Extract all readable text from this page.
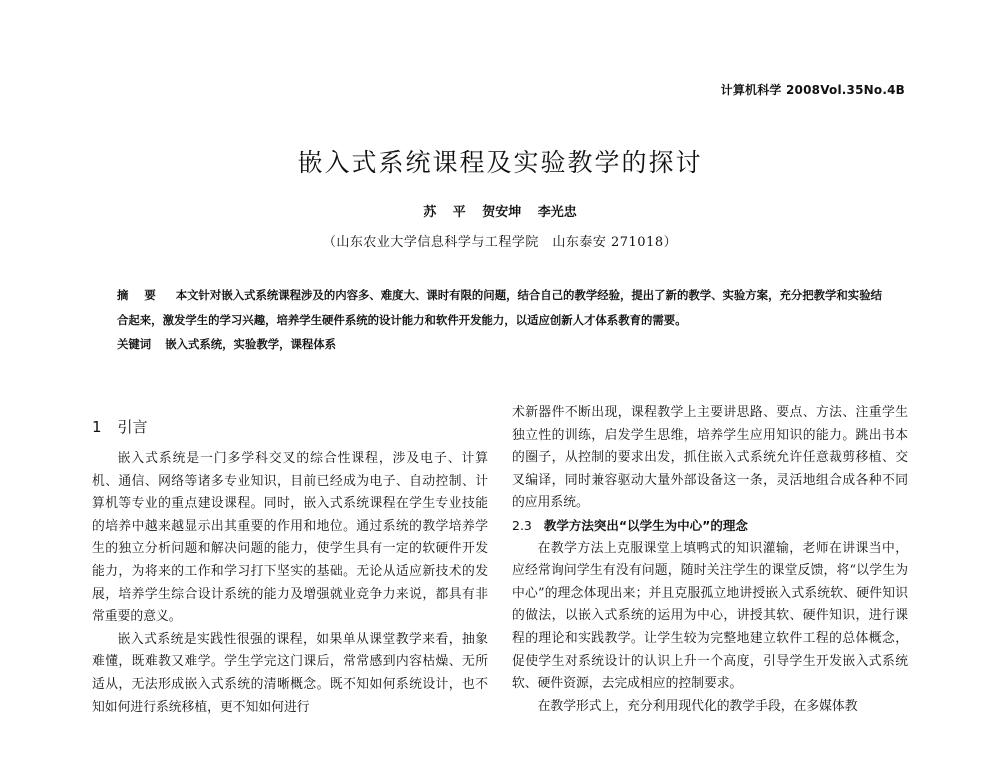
计算机科学 2008Vol.35No.4B
嵌入式系统课程及实验教学的探讨
苏 平 贺安坤 李光忠
（山东农业大学信息科学与工程学院　山东泰安 271018）

摘 要 本文针对嵌入式系统课程涉及的内容多、难度大、课时有限的问题，结合自己的教学经验，提出了新的教学、实验方案，充分把教学和实验结合起来，激发学生的学习兴趣，培养学生硬件系统的设计能力和软件开发能力，以适应创新人才体系教育的需要。

关键词 嵌入式系统，实验教学，课程体系

1 引言

嵌入式系统是一门多学科交叉的综合性课程，涉及电子、计算机、通信、网络等诸多专业知识，目前已经成为电子、自动控制、计算机等专业的重点建设课程。同时，嵌入式系统课程在学生专业技能的培养中越来越显示出其重要的作用和地位。通过系统的教学培养学生的独立分析问题和解决问题的能力，使学生具有一定的软硬件开发能力，为将来的工作和学习打下坚实的基础。无论从适应新技术的发展，培养学生综合设计系统的能力及增强就业竞争力来说，都具有非常重要的意义。

嵌入式系统是实践性很强的课程，如果单从课堂教学来看，抽象难懂，既难教又难学。学生学完这门课后，常常感到内容枯燥、无所适从，无法形成嵌入式系统的清晰概念。既不知如何系统设计，也不知如何进行系统移植，更不知如何进行

术新器件不断出现，课程教学上主要讲思路、要点、方法、注重学生独立性的训练，启发学生思维，培养学生应用知识的能力。跳出书本的圈子，从控制的要求出发，抓住嵌入式系统允许任意裁剪移植、交叉编译，同时兼容驱动大量外部设备这一条，灵活地组合成各种不同的应用系统。

2.3 教学方法突出“以学生为中心”的理念

在教学方法上克服课堂上填鸭式的知识灌输，老师在讲课当中，应经常询问学生有没有问题，随时关注学生的课堂反馈，将“以学生为中心”的理念体现出来；并且克服孤立地讲授嵌入式系统软、硬件知识的做法，以嵌入式系统的运用为中心，讲授其软、硬件知识，进行课程的理论和实践教学。让学生较为完整地建立软件工程的总体概念，促使学生对系统设计的认识上升一个高度，引导学生开发嵌入式系统软、硬件资源，去完成相应的控制要求。

在教学形式上，充分利用现代化的教学手段，在多媒体教
